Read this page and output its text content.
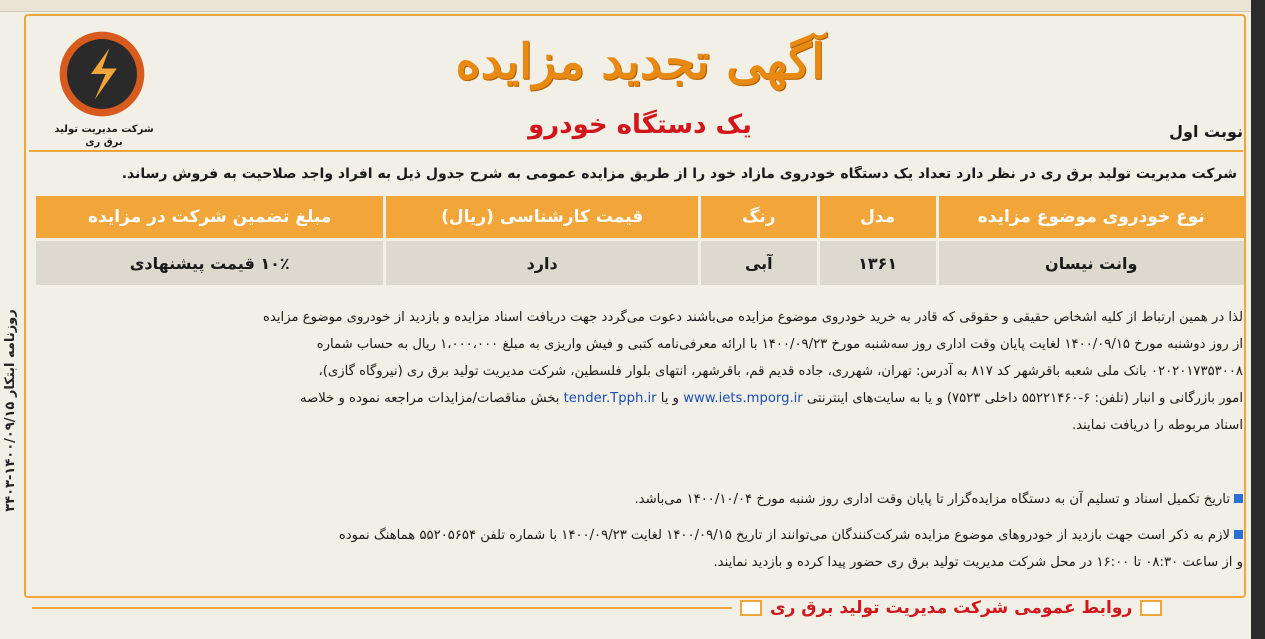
روزنامه ابتکار ۱۴۰۰/۰۹/۱۵-۳۴۰۳
شرکت مدیریت تولید
برق ری
آگهی تجدید مزایده
یک دستگاه خودرو	نوبت اول
شرکت مدیریت تولید برق ری در نظر دارد تعداد یک دستگاه خودروی مازاد خود را از طریق مزایده عمومی به شرح جدول ذیل به افراد واجد صلاحیت به فروش رساند.
نوع خودروی موضوع مزایده
وانت نیسان
مدل
۱۳۶۱
رنگ
آبی
قیمت کارشناسی (ریال)
دارد
مبلغ تضمین شرکت در مزایده
۱۰٪ قیمت پیشنهادی

لذا در همین ارتباط از کلیه اشخاص حقیقی و حقوقی که قادر به خرید خودروی موضوع مزایده می‌باشند دعوت می‌گردد جهت دریافت اسناد مزایده و بازدید از خودروی موضوع مزایده

از روز دوشنبه مورخ ۱۴۰۰/۰۹/۱۵ لغایت پایان وقت اداری روز سه‌شنبه مورخ ۱۴۰۰/۰۹/۲۳ با ارائه معرفی‌نامه کتبی و فیش واریزی به مبلغ ۱،۰۰۰،۰۰۰ ریال به حساب شماره

۰۲۰۲۰۱۷۳۵۳۰۰۸ بانک ملی شعبه باقرشهر کد ۸۱۷ به آدرس: تهران، شهرری، جاده قدیم قم، باقرشهر، انتهای بلوار فلسطین، شرکت مدیریت تولید برق ری (نیروگاه گازی)،

امور بازرگانی و انبار (تلفن: ۶-۵۵۲۲۱۴۶۰ داخلی ۷۵۲۳) و یا به سایت‌های اینترنتی www.iets.mporg.ir و یا tender.Tpph.ir بخش مناقصات/مزایدات مراجعه نموده و خلاصه

اسناد مربوطه را دریافت نمایند.

تاریخ تکمیل اسناد و تسلیم آن به دستگاه مزایده‌گزار تا پایان وقت اداری روز شنبه مورخ ۱۴۰۰/۱۰/۰۴ می‌باشد.

لازم به ذکر است جهت بازدید از خودروهای موضوع مزایده شرکت‌کنندگان می‌توانند از تاریخ ۱۴۰۰/۰۹/۱۵ لغایت ۱۴۰۰/۰۹/۲۳ با شماره تلفن ۵۵۲۰۵۶۵۴ هماهنگ نموده

و از ساعت ۰۸:۳۰ تا ۱۶:۰۰ در محل شرکت مدیریت تولید برق ری حضور پیدا کرده و بازدید نمایند.

روابط عمومی شرکت مدیریت تولید برق ری
